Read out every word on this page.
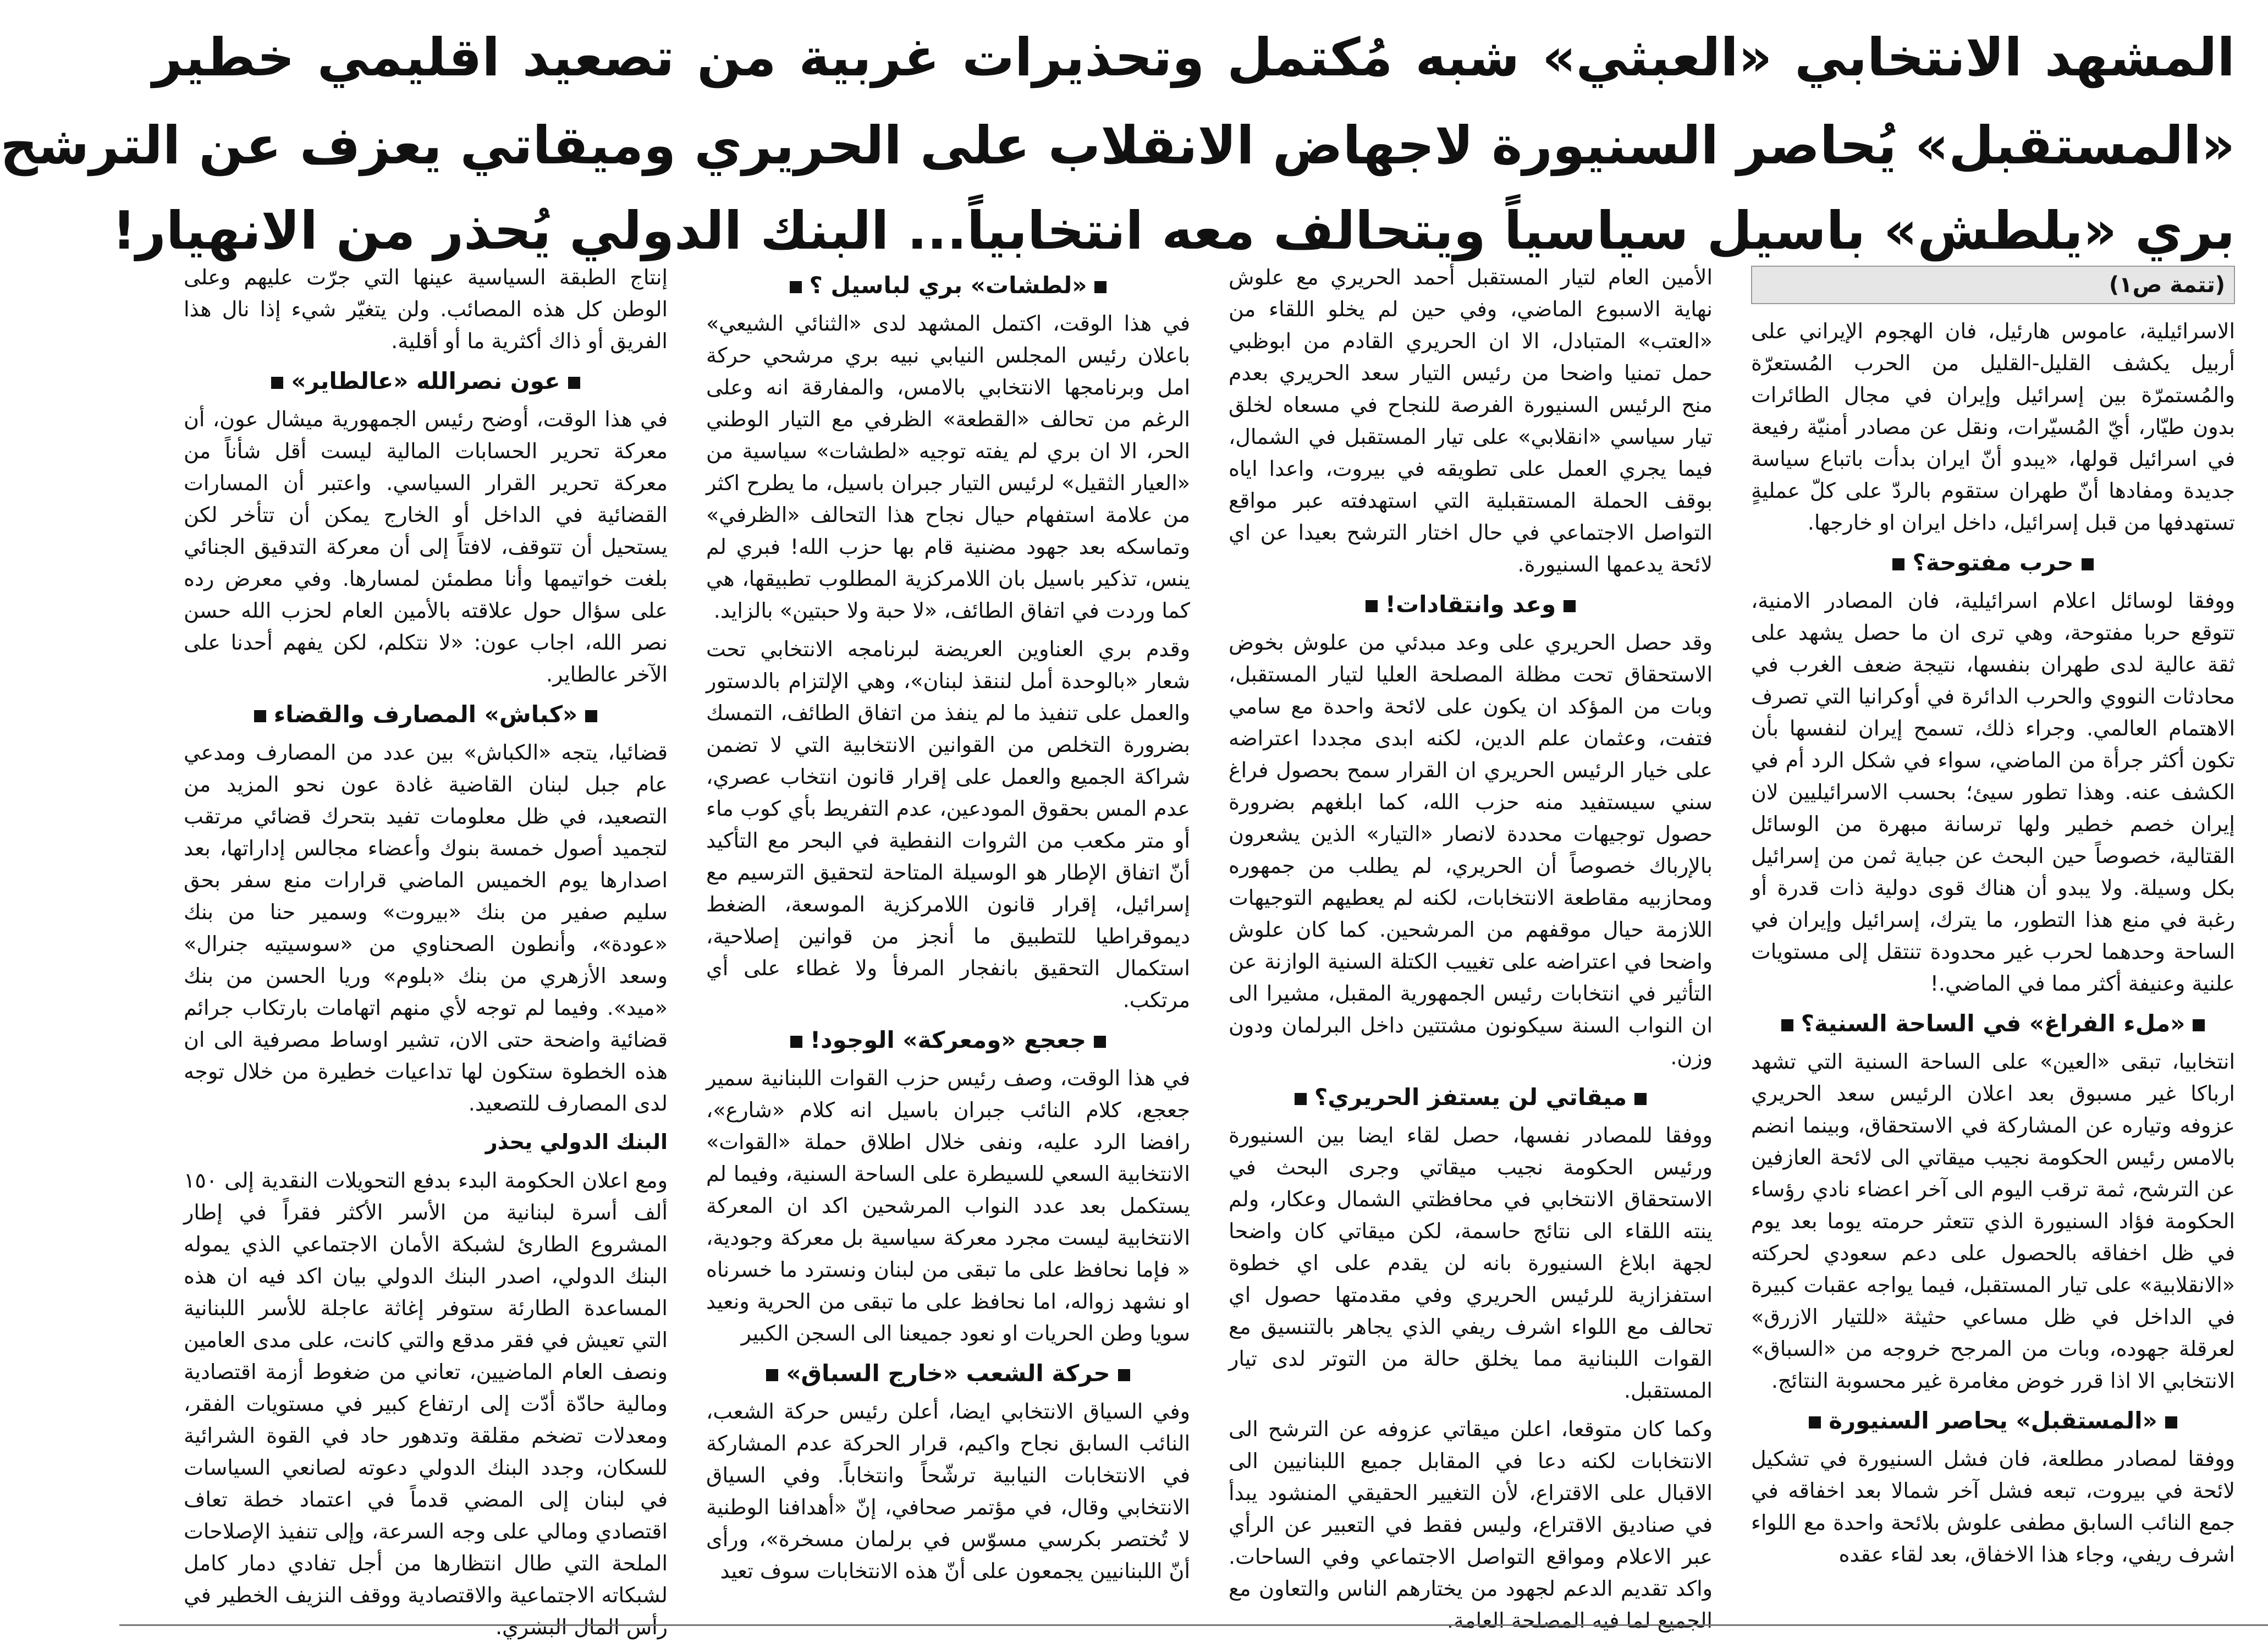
المشهد الانتخابي «العبثي» شبه مُكتمل وتحذيرات غربية من تصعيد اقليمي خطير
«المستقبل» يُحاصر السنيورة لاجهاض الانقلاب على الحريري وميقاتي يعزف عن الترشح
بري «يلطش» باسيل سياسياً ويتحالف معه انتخابياً... البنك الدولي يُحذر من الانهيار!
(تتمة ص١)

الاسرائيلية، عاموس هارئيل، فان الهجوم الإيراني على أربيل يكشف القليل-القليل من الحرب المُستعرّة والمُستمرّة بين إسرائيل وإيران في مجال الطائرات بدون طيّار، أيّ المُسيّرات، ونقل عن مصادر أمنيّة رفيعة في اسرائيل قولها، «يبدو أنّ ايران بدأت باتباع سياسة جديدة ومفادها أنّ طهران ستقوم بالردّ على كلّ عمليةٍ تستهدفها من قبل إسرائيل، داخل ايران او خارجها.

حرب مفتوحة؟

ووفقا لوسائل اعلام اسرائيلية، فان المصادر الامنية، تتوقع حربا مفتوحة، وهي ترى ان ما حصل يشهد على ثقة عالية لدى طهران بنفسها، نتيجة ضعف الغرب في محادثات النووي والحرب الدائرة في أوكرانيا التي تصرف الاهتمام العالمي. وجراء ذلك، تسمح إيران لنفسها بأن تكون أكثر جرأة من الماضي، سواء في شكل الرد أم في الكشف عنه. وهذا تطور سيئ؛ بحسب الاسرائيليين لان إيران خصم خطير ولها ترسانة مبهرة من الوسائل القتالية، خصوصاً حين البحث عن جباية ثمن من إسرائيل بكل وسيلة. ولا يبدو أن هناك قوى دولية ذات قدرة أو رغبة في منع هذا التطور، ما يترك، إسرائيل وإيران في الساحة وحدهما لحرب غير محدودة تنتقل إلى مستويات علنية وعنيفة أكثر مما في الماضي.!

«ملء الفراغ» في الساحة السنية؟

انتخابيا، تبقى «العين» على الساحة السنية التي تشهد ارباكا غير مسبوق بعد اعلان الرئيس سعد الحريري عزوفه وتياره عن المشاركة في الاستحقاق، وبينما انضم بالامس رئيس الحكومة نجيب ميقاتي الى لائحة العازفين عن الترشح، ثمة ترقب اليوم الى آخر اعضاء نادي رؤساء الحكومة فؤاد السنيورة الذي تتعثر حرمته يوما بعد يوم في ظل اخفاقه بالحصول على دعم سعودي لحركته «الانقلابية» على تيار المستقبل، فيما يواجه عقبات كبيرة في الداخل في ظل مساعي حثيثة «للتيار الازرق» لعرقلة جهوده، وبات من المرجح خروجه من «السباق» الانتخابي الا اذا قرر خوض مغامرة غير محسوبة النتائج.

«المستقبل» يحاصر السنيورة

ووفقا لمصادر مطلعة، فان فشل السنيورة في تشكيل لائحة في بيروت، تبعه فشل آخر شمالا بعد اخفاقه في جمع النائب السابق مطفى علوش بلائحة واحدة مع اللواء اشرف ريفي، وجاء هذا الاخفاق، بعد لقاء عقده

الأمين العام لتيار المستقبل أحمد الحريري مع علوش نهاية الاسبوع الماضي، وفي حين لم يخلو اللقاء من «العتب» المتبادل، الا ان الحريري القادم من ابوظبي حمل تمنيا واضحا من رئيس التيار سعد الحريري بعدم منح الرئيس السنيورة الفرصة للنجاح في مسعاه لخلق تيار سياسي «انقلابي» على تيار المستقبل في الشمال، فيما يجري العمل على تطويقه في بيروت، واعدا اياه بوقف الحملة المستقبلية التي استهدفته عبر مواقع التواصل الاجتماعي في حال اختار الترشح بعيدا عن اي لائحة يدعمها السنيورة.

وعد وانتقادات!

وقد حصل الحريري على وعد مبدئي من علوش بخوض الاستحقاق تحت مظلة المصلحة العليا لتيار المستقبل، وبات من المؤكد ان يكون على لائحة واحدة مع سامي فتفت، وعثمان علم الدين، لكنه ابدى مجددا اعتراضه على خيار الرئيس الحريري ان القرار سمح بحصول فراغ سني سيستفيد منه حزب الله، كما ابلغهم بضرورة حصول توجيهات محددة لانصار «التيار» الذين يشعرون بالإرباك خصوصاً أن الحريري، لم يطلب من جمهوره ومحازبيه مقاطعة الانتخابات، لكنه لم يعطيهم التوجيهات اللازمة حيال موقفهم من المرشحين. كما كان علوش واضحا في اعتراضه على تغييب الكتلة السنية الوازنة عن التأثير في انتخابات رئيس الجمهورية المقبل، مشيرا الى ان النواب السنة سيكونون مشتتين داخل البرلمان ودون وزن.

ميقاتي لن يستفز الحريري؟

ووفقا للمصادر نفسها، حصل لقاء ايضا بين السنيورة ورئيس الحكومة نجيب ميقاتي وجرى البحث في الاستحقاق الانتخابي في محافظتي الشمال وعكار، ولم ينته اللقاء الى نتائج حاسمة، لكن ميقاتي كان واضحا لجهة ابلاغ السنيورة بانه لن يقدم على اي خطوة استفزازية للرئيس الحريري وفي مقدمتها حصول اي تحالف مع اللواء اشرف ريفي الذي يجاهر بالتنسيق مع القوات اللبنانية مما يخلق حالة من التوتر لدى تيار المستقبل.

وكما كان متوقعا، اعلن ميقاتي عزوفه عن الترشح الى الانتخابات لكنه دعا في المقابل جميع اللبنانيين الى الاقبال على الاقتراع، لأن التغيير الحقيقي المنشود يبدأ في صناديق الاقتراع، وليس فقط في التعبير عن الرأي عبر الاعلام ومواقع التواصل الاجتماعي وفي الساحات. واكد تقديم الدعم لجهود من يختارهم الناس والتعاون مع الجميع لما فيه المصلحة العامة.

«لطشات» بري لباسيل ؟

في هذا الوقت، اكتمل المشهد لدى «الثنائي الشيعي» باعلان رئيس المجلس النيابي نبيه بري مرشحي حركة امل وبرنامجها الانتخابي بالامس، والمفارقة انه وعلى الرغم من تحالف «القطعة» الظرفي مع التيار الوطني الحر، الا ان بري لم يفته توجيه «لطشات» سياسية من «العيار الثقيل» لرئيس التيار جبران باسيل، ما يطرح اكثر من علامة استفهام حيال نجاح هذا التحالف «الظرفي» وتماسكه بعد جهود مضنية قام بها حزب الله! فبري لم ينس، تذكير باسيل بان اللامركزية المطلوب تطبيقها، هي كما وردت في اتفاق الطائف، «لا حبة ولا حبتين» بالزايد.

وقدم بري العناوين العريضة لبرنامجه الانتخابي تحت شعار «بالوحدة أمل لننقذ لبنان»، وهي الإلتزام بالدستور والعمل على تنفيذ ما لم ينفذ من اتفاق الطائف، التمسك بضرورة التخلص من القوانين الانتخابية التي لا تضمن شراكة الجميع والعمل على إقرار قانون انتخاب عصري، عدم المس بحقوق المودعين، عدم التفريط بأي كوب ماء أو متر مكعب من الثروات النفطية في البحر مع التأكيد أنّ اتفاق الإطار هو الوسيلة المتاحة لتحقيق الترسيم مع إسرائيل، إقرار قانون اللامركزية الموسعة، الضغط ديموقراطيا للتطبيق ما أنجز من قوانين إصلاحية، استكمال التحقيق بانفجار المرفأ ولا غطاء على أي مرتكب.

جعجع «ومعركة» الوجود!

في هذا الوقت، وصف رئيس حزب القوات اللبنانية سمير جعجع، كلام النائب جبران باسيل انه كلام «شارع»، رافضا الرد عليه، ونفى خلال اطلاق حملة «القوات» الانتخابية السعي للسيطرة على الساحة السنية، وفيما لم يستكمل بعد عدد النواب المرشحين اكد ان المعركة الانتخابية ليست مجرد معركة سياسية بل معركة وجودية، « فإما نحافظ على ما تبقى من لبنان ونسترد ما خسرناه او نشهد زواله، اما نحافظ على ما تبقى من الحرية ونعيد سويا وطن الحريات او نعود جميعنا الى السجن الكبير

حركة الشعب «خارج السباق»

وفي السياق الانتخابي ايضا، أعلن رئيس حركة الشعب، النائب السابق نجاح واكيم، قرار الحركة عدم المشاركة في الانتخابات النيابية ترشّحاً وانتخاباً. وفي السياق الانتخابي وقال، في مؤتمر صحافي، إنّ «أهدافنا الوطنية لا تُختصر بكرسي مسوّس في برلمان مسخرة»، ورأى أنّ اللبنانيين يجمعون على أنّ هذه الانتخابات سوف تعيد

إنتاج الطبقة السياسية عينها التي جرّت عليهم وعلى الوطن كل هذه المصائب. ولن يتغيّر شيء إذا نال هذا الفريق أو ذاك أكثرية ما أو أقلية.

عون نصرالله «عالطاير»

في هذا الوقت، أوضح رئيس الجمهورية ميشال عون، أن معركة تحرير الحسابات المالية ليست أقل شأناً من معركة تحرير القرار السياسي. واعتبر أن المسارات القضائية في الداخل أو الخارج يمكن أن تتأخر لكن يستحيل أن تتوقف، لافتاً إلى أن معركة التدقيق الجنائي بلغت خواتيمها وأنا مطمئن لمسارها. وفي معرض رده على سؤال حول علاقته بالأمين العام لحزب الله حسن نصر الله، اجاب عون: «لا نتكلم، لكن يفهم أحدنا على الآخر عالطاير.

«كباش» المصارف والقضاء

قضائيا، يتجه «الكباش» بين عدد من المصارف ومدعي عام جبل لبنان القاضية غادة عون نحو المزيد من التصعيد، في ظل معلومات تفيد بتحرك قضائي مرتقب لتجميد أصول خمسة بنوك وأعضاء مجالس إداراتها، بعد اصدارها يوم الخميس الماضي قرارات منع سفر بحق سليم صفير من بنك «بيروت» وسمير حنا من بنك «عودة»، وأنطون الصحناوي من «سوسيتيه جنرال» وسعد الأزهري من بنك «بلوم» وريا الحسن من بنك «ميد». وفيما لم توجه لأي منهم اتهامات بارتكاب جرائم قضائية واضحة حتى الان، تشير اوساط مصرفية الى ان هذه الخطوة ستكون لها تداعيات خطيرة من خلال توجه لدى المصارف للتصعيد.

البنك الدولي يحذر

ومع اعلان الحكومة البدء بدفع التحويلات النقدية إلى ١٥٠ ألف أسرة لبنانية من الأسر الأكثر فقراً في إطار المشروع الطارئ لشبكة الأمان الاجتماعي الذي يموله البنك الدولي، اصدر البنك الدولي بيان اكد فيه ان هذه المساعدة الطارئة ستوفر إغاثة عاجلة للأسر اللبنانية التي تعيش في فقر مدقع والتي كانت، على مدى العامين ونصف العام الماضيين، تعاني من ضغوط أزمة اقتصادية ومالية حادّة أدّت إلى ارتفاع كبير في مستويات الفقر، ومعدلات تضخم مقلقة وتدهور حاد في القوة الشرائية للسكان، وجدد البنك الدولي دعوته لصانعي السياسات في لبنان إلى المضي قدماً في اعتماد خطة تعاف اقتصادي ومالي على وجه السرعة، وإلى تنفيذ الإصلاحات الملحة التي طال انتظارها من أجل تفادي دمار كامل لشبكاته الاجتماعية والاقتصادية ووقف النزيف الخطير في رأس المال البشري.
